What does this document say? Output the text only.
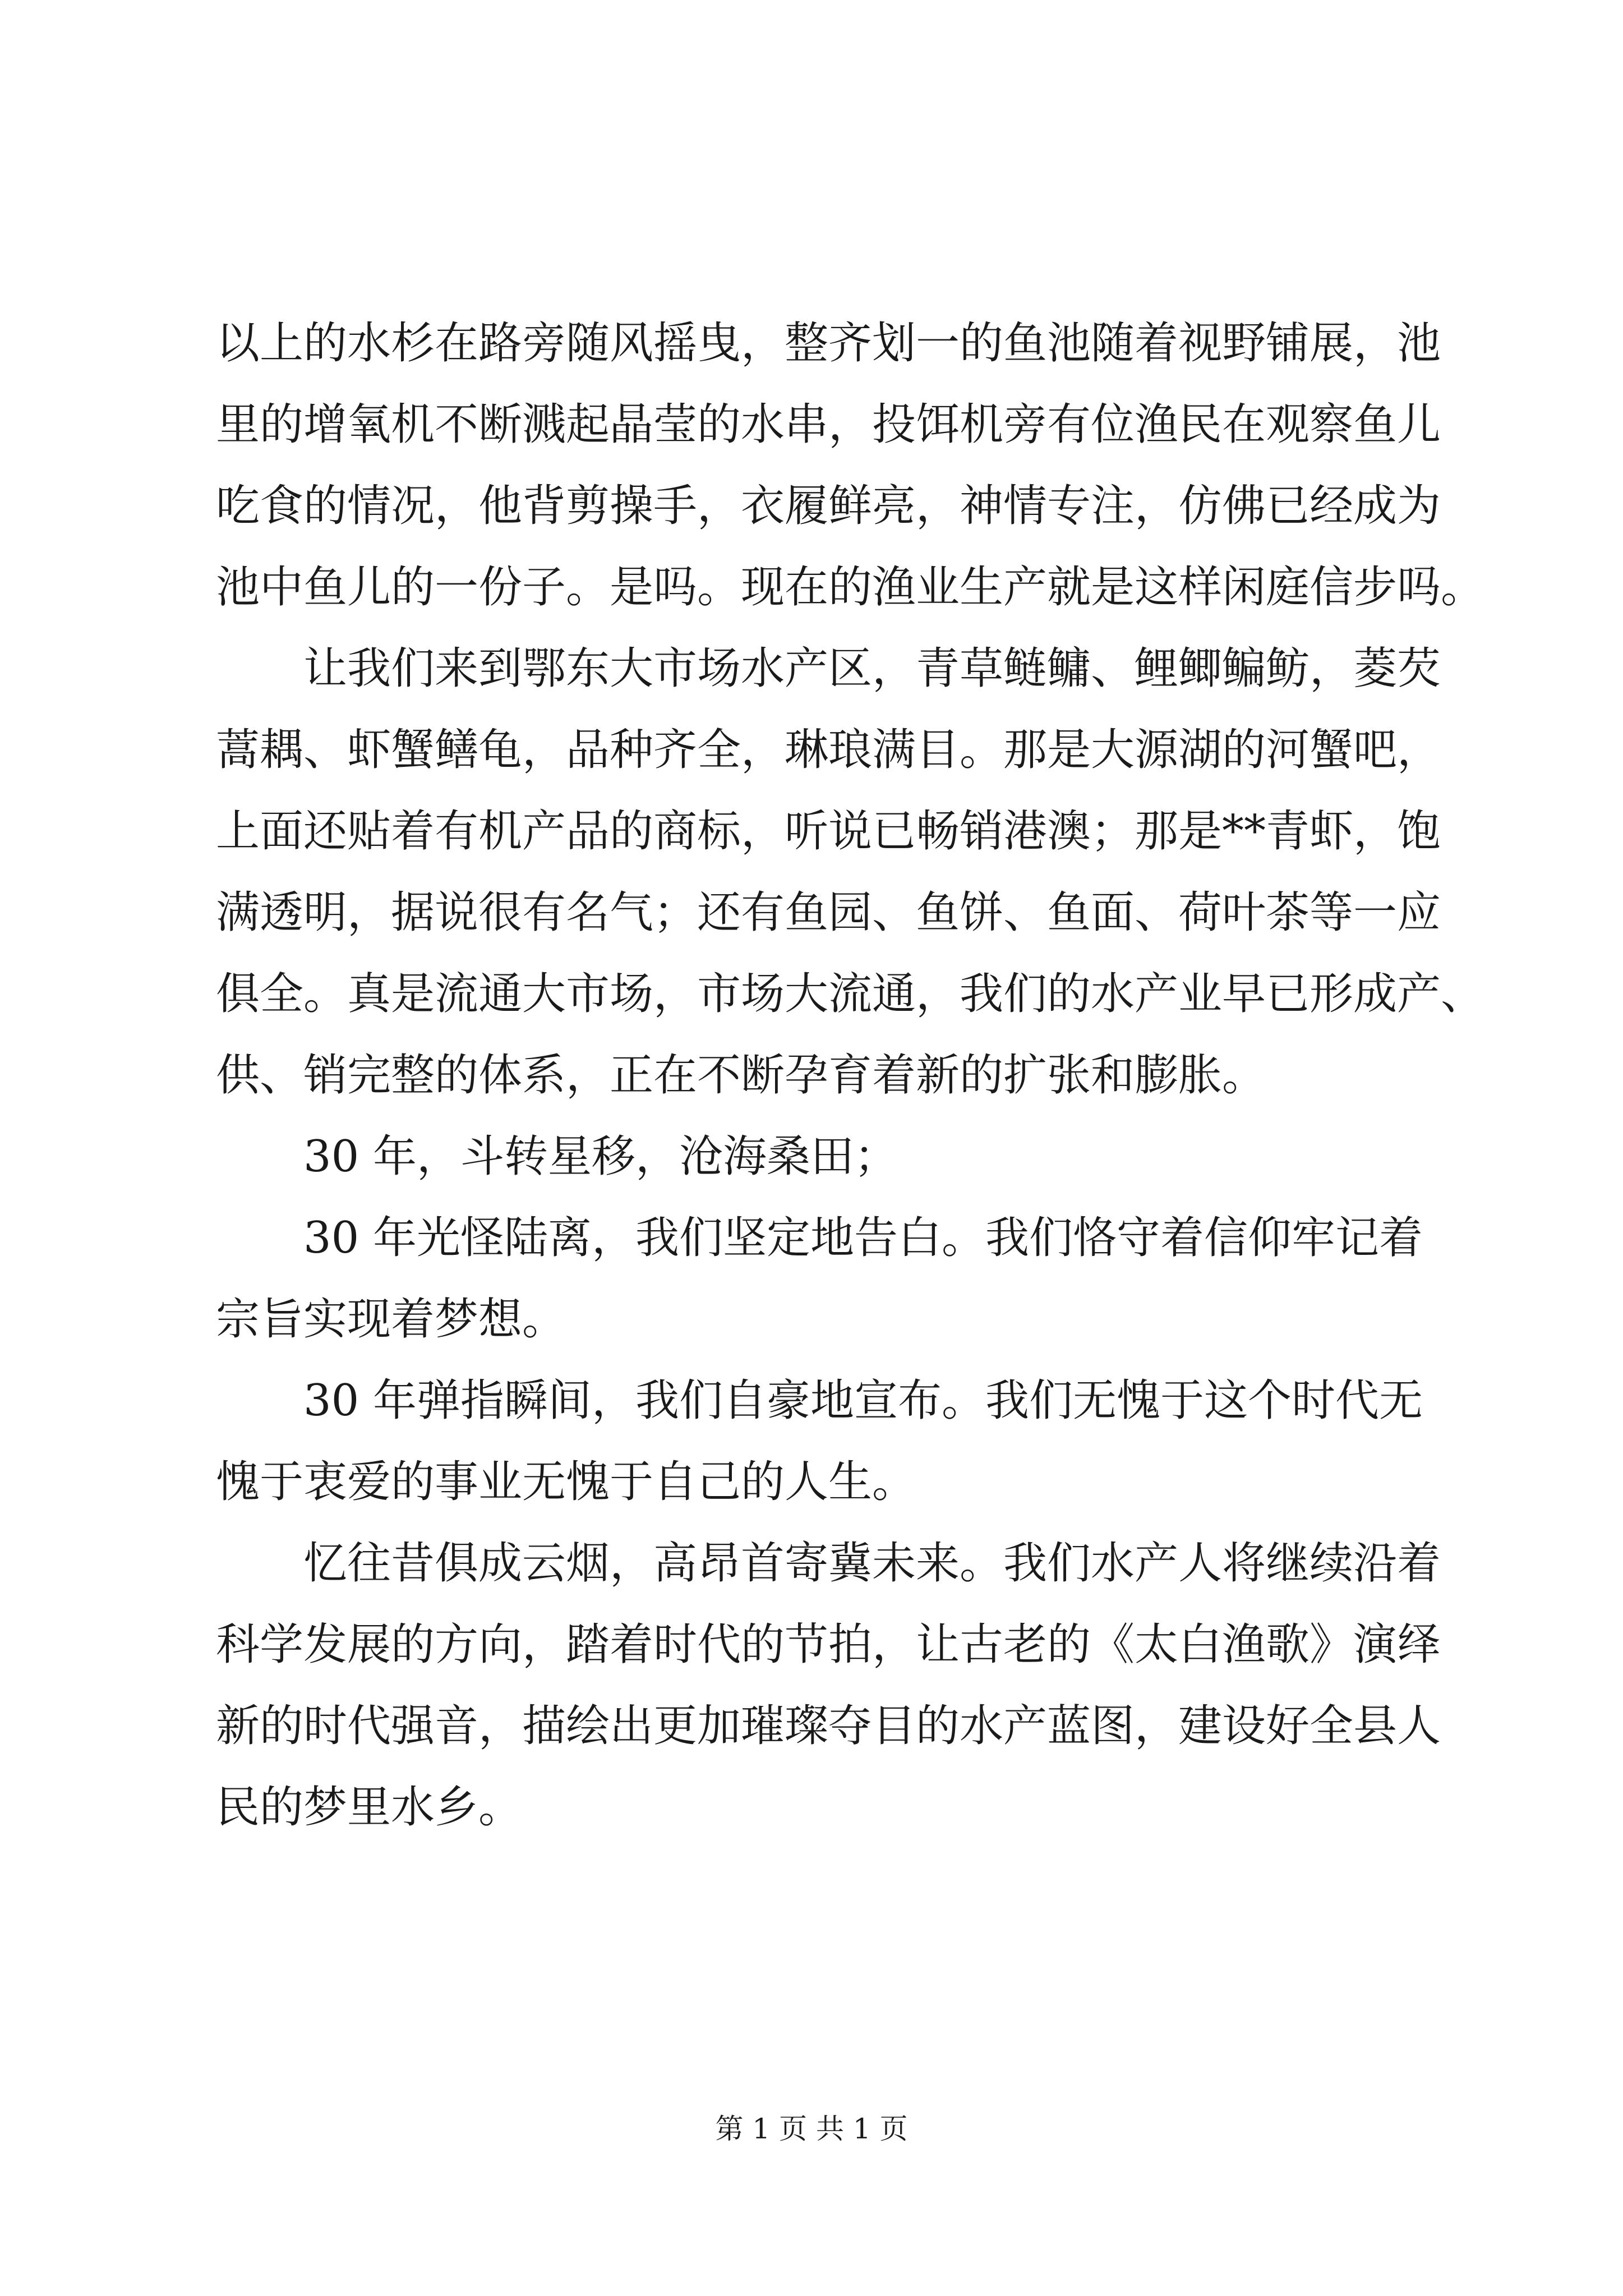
以上的水杉在路旁随风摇曳，整齐划一的鱼池随着视野铺展，池
里的增氧机不断溅起晶莹的水串，投饵机旁有位渔民在观察鱼儿
吃食的情况，他背剪操手，衣履鲜亮，神情专注，仿佛已经成为
池中鱼儿的一份子。是吗。现在的渔业生产就是这样闲庭信步吗。
　　让我们来到鄂东大市场水产区，青草鲢鳙、鲤鲫鳊鲂，菱芡
蒿耦、虾蟹鳝龟，品种齐全，琳琅满目。那是大源湖的河蟹吧，
上面还贴着有机产品的商标，听说已畅销港澳；那是**青虾，饱
满透明，据说很有名气；还有鱼园、鱼饼、鱼面、荷叶茶等一应
俱全。真是流通大市场，市场大流通，我们的水产业早已形成产、
供、销完整的体系，正在不断孕育着新的扩张和膨胀。
　　30 年，斗转星移，沧海桑田；
　　30 年光怪陆离，我们坚定地告白。我们恪守着信仰牢记着
宗旨实现着梦想。
　　30 年弹指瞬间，我们自豪地宣布。我们无愧于这个时代无
愧于衷爱的事业无愧于自己的人生。
　　忆往昔俱成云烟，高昂首寄冀未来。我们水产人将继续沿着
科学发展的方向，踏着时代的节拍，让古老的《太白渔歌》演绎
新的时代强音，描绘出更加璀璨夺目的水产蓝图，建设好全县人
民的梦里水乡。
第 1 页 共 1 页
